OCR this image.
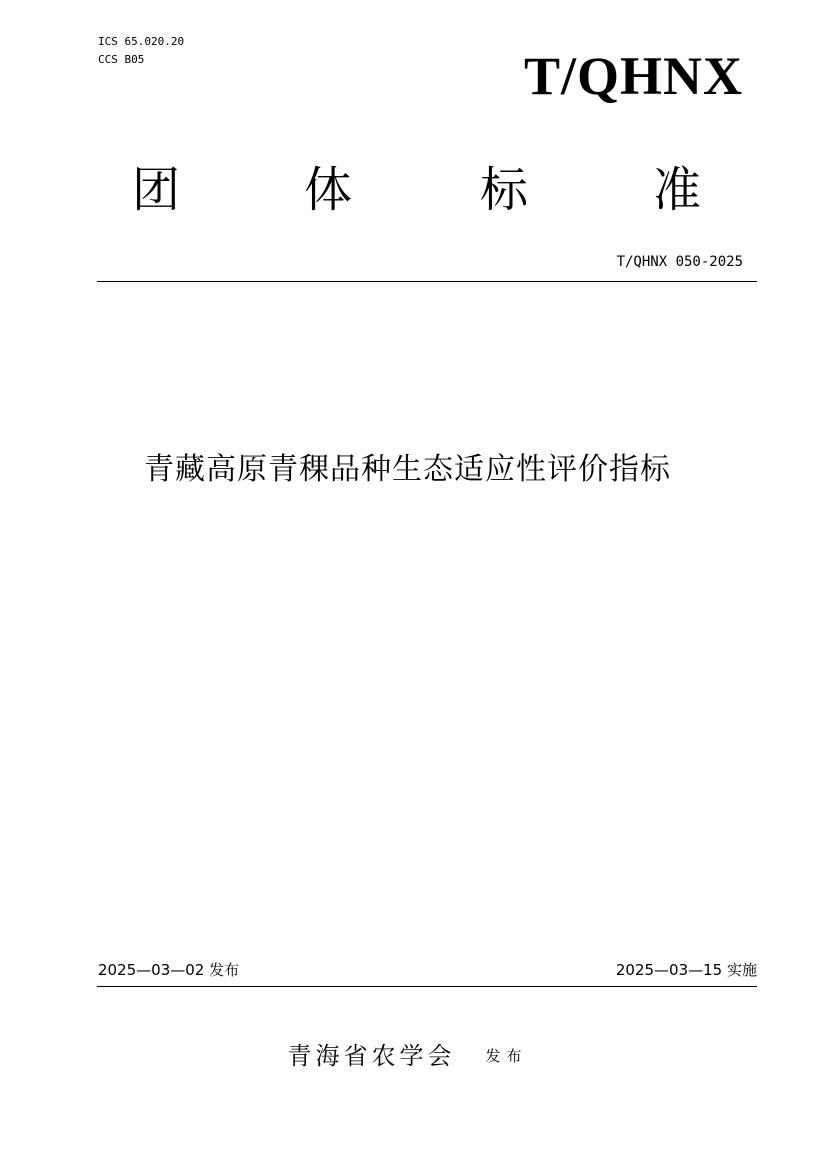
ICS 65.020.20
CCS B05	T/QHNX
团	体	标	准
T/QHNX 050-2025
青藏高原青稞品种生态适应性评价指标
2025—03—02 发布	2025—03—15 实施
青海省农学会 发布
